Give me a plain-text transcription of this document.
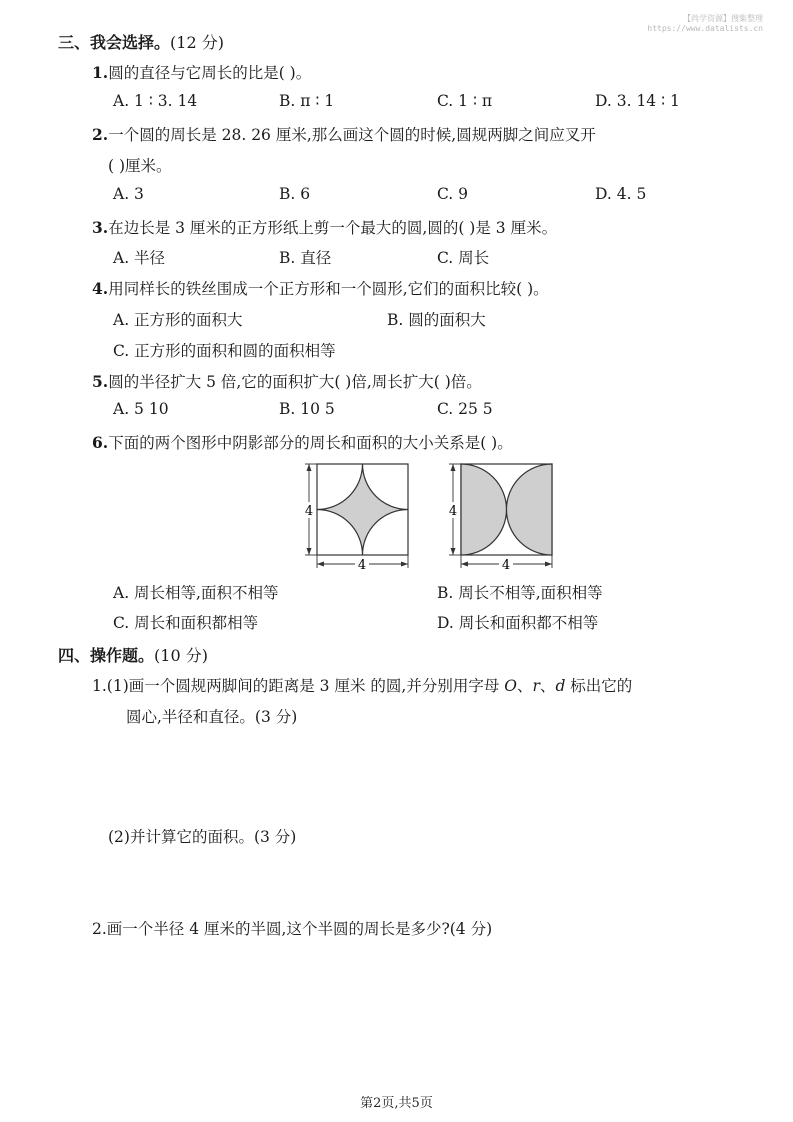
【尚学资源】搜集整理
https://www.datalists.cn
三、我会选择。(12 分)
1.圆的直径与它周长的比是( )。
A. 1 ∶ 3. 14	B. π ∶ 1	C. 1 ∶ π	D. 3. 14 ∶ 1
2.一个圆的周长是 28. 26 厘米,那么画这个圆的时候,圆规两脚之间应叉开
( )厘米。
A. 3	B. 6	C. 9	D. 4. 5
3.在边长是 3 厘米的正方形纸上剪一个最大的圆,圆的( )是 3 厘米。
A. 半径	B. 直径	C. 周长
4.用同样长的铁丝围成一个正方形和一个圆形,它们的面积比较( )。
A. 正方形的面积大	B. 圆的面积大
C. 正方形的面积和圆的面积相等
5.圆的半径扩大 5 倍,它的面积扩大( )倍,周长扩大( )倍。
A. 5 10	B. 10 5	C. 25 5
6.下面的两个图形中阴影部分的周长和面积的大小关系是( )。
4
4
4
4
A. 周长相等,面积不相等	B. 周长不相等,面积相等
C. 周长和面积都相等	D. 周长和面积都不相等
四、操作题。(10 分)
1.(1)画一个圆规两脚间的距离是 3 厘米 的圆,并分别用字母 O、r、d 标出它的
圆心,半径和直径。(3 分)
(2)并计算它的面积。(3 分)
2.画一个半径 4 厘米的半圆,这个半圆的周长是多少?(4 分)
第2页,共5页
